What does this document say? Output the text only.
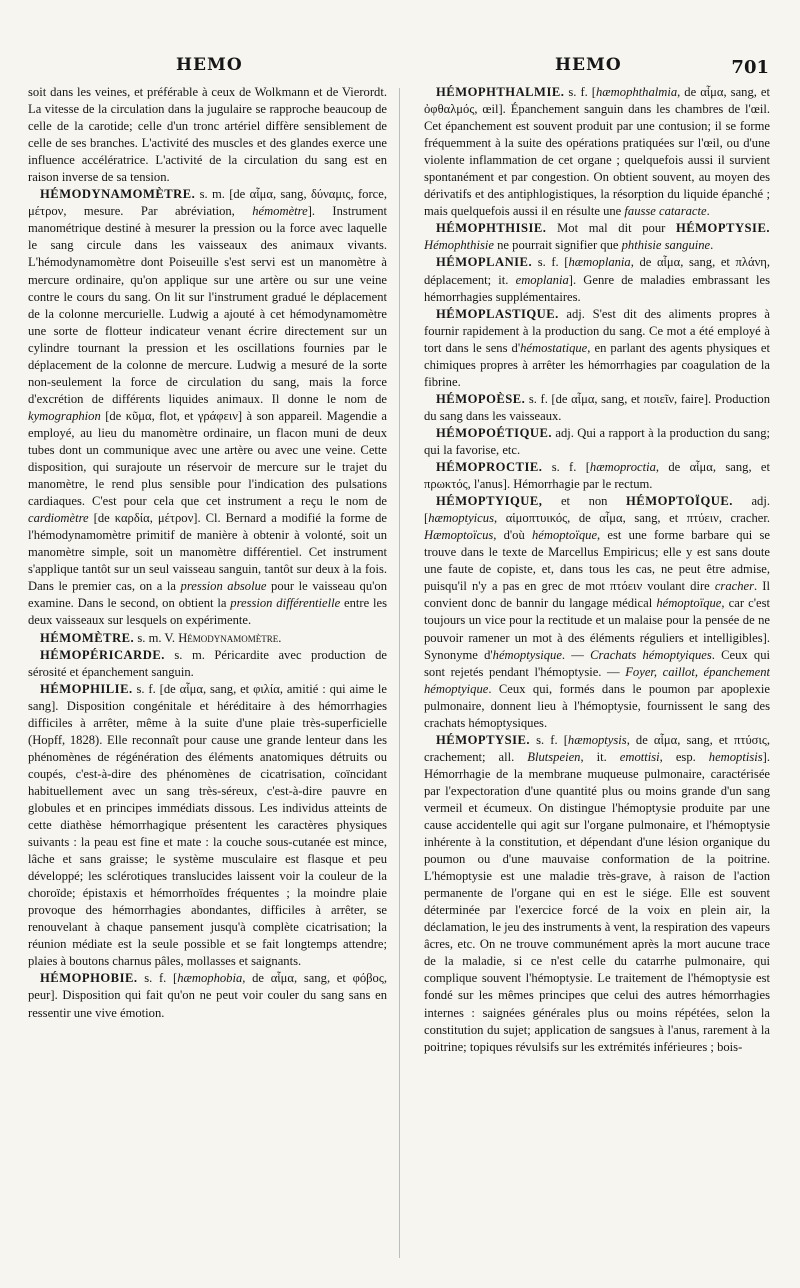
HEMO	HEMO	701

soit dans les veines, et préférable à ceux de Wolkmann et de Vierordt. La vitesse de la circulation dans la jugulaire se rapproche beaucoup de celle de la carotide; celle d'un tronc artériel diffère sensiblement de celle de ses branches. L'activité des muscles et des glandes exerce une influence accélératrice. L'activité de la circulation du sang est en raison inverse de sa tension.

HÉMODYNAMOMÈTRE. s. m. [de αἷμα, sang, δύναμις, force, μέτρον, mesure. Par abréviation, hémomètre]. Instrument manométrique destiné à mesurer la pression ou la force avec laquelle le sang circule dans les vaisseaux des animaux vivants. L'hémodynamomètre dont Poiseuille s'est servi est un manomètre à mercure ordinaire, qu'on applique sur une artère ou sur une veine contre le cours du sang. On lit sur l'instrument gradué le déplacement de la colonne mercurielle. Ludwig a ajouté à cet hémodynamomètre une sorte de flotteur indicateur venant écrire directement sur un cylindre tournant la pression et les oscillations fournies par le déplacement de la colonne de mercure. Ludwig a mesuré de la sorte non-seulement la force de circulation du sang, mais la force d'excrétion de différents liquides animaux. Il donne le nom de kymographion [de κῦμα, flot, et γράφειν] à son appareil. Magendie a employé, au lieu du manomètre ordinaire, un flacon muni de deux tubes dont un communique avec une artère ou avec une veine. Cette disposition, qui surajoute un réservoir de mercure sur le trajet du manomètre, le rend plus sensible pour l'indication des pulsations cardiaques. C'est pour cela que cet instrument a reçu le nom de cardiomètre [de καρδία, μέτρον]. Cl. Bernard a modifié la forme de l'hémodynamomètre primitif de manière à obtenir à volonté, soit un manomètre simple, soit un manomètre différentiel. Cet instrument s'applique tantôt sur un seul vaisseau sanguin, tantôt sur deux à la fois. Dans le premier cas, on a la pression absolue pour le vaisseau qu'on examine. Dans le second, on obtient la pression différentielle entre les deux vaisseaux sur lesquels on expérimente.

HÉMOMÈTRE. s. m. V. Hémodynamomètre.

HÉMOPÉRICARDE. s. m. Péricardite avec production de sérosité et épanchement sanguin.

HÉMOPHILIE. s. f. [de αἷμα, sang, et φιλία, amitié : qui aime le sang]. Disposition congénitale et héréditaire à des hémorrhagies difficiles à arrêter, même à la suite d'une plaie très-superficielle (Hopff, 1828). Elle reconnaît pour cause une grande lenteur dans les phénomènes de régénération des éléments anatomiques détruits ou coupés, c'est-à-dire des phénomènes de cicatrisation, coïncidant habituellement avec un sang très-séreux, c'est-à-dire pauvre en globules et en principes immédiats dissous. Les individus atteints de cette diathèse hémorrhagique présentent les caractères physiques suivants : la peau est fine et mate : la couche sous-cutanée est mince, lâche et sans graisse; le système musculaire est flasque et peu développé; les sclérotiques translucides laissent voir la couleur de la choroïde; épistaxis et hémorrhoïdes fréquentes ; la moindre plaie provoque des hémorrhagies abondantes, difficiles à arrêter, se renouvelant à chaque pansement jusqu'à complète cicatrisation; la réunion médiate est la seule possible et se fait longtemps attendre; plaies à boutons charnus pâles, mollasses et saignants.

HÉMOPHOBIE. s. f. [hæmophobia, de αἷμα, sang, et φόβος, peur]. Disposition qui fait qu'on ne peut voir couler du sang sans en ressentir une vive émotion.

HÉMOPHTHALMIE. s. f. [hæmophthalmia, de αἷμα, sang, et ὀφθαλμός, œil]. Épanchement sanguin dans les chambres de l'œil. Cet épanchement est souvent produit par une contusion; il se forme fréquemment à la suite des opérations pratiquées sur l'œil, ou d'une violente inflammation de cet organe ; quelquefois aussi il survient spontanément et par congestion. On obtient souvent, au moyen des dérivatifs et des antiphlogistiques, la résorption du liquide épanché ; mais quelquefois aussi il en résulte une fausse cataracte.

HÉMOPHTHISIE. Mot mal dit pour HÉMOPTYSIE. Hémophthisie ne pourrait signifier que phthisie sanguine.

HÉMOPLANIE. s. f. [hæmoplania, de αἷμα, sang, et πλάνη, déplacement; it. emoplania]. Genre de maladies embrassant les hémorrhagies supplémentaires.

HÉMOPLASTIQUE. adj. S'est dit des aliments propres à fournir rapidement à la production du sang. Ce mot a été employé à tort dans le sens d'hémostatique, en parlant des agents physiques et chimiques propres à arrêter les hémorrhagies par coagulation de la fibrine.

HÉMOPOÈSE. s. f. [de αἷμα, sang, et ποιεῖν, faire]. Production du sang dans les vaisseaux.

HÉMOPOÉTIQUE. adj. Qui a rapport à la production du sang; qui la favorise, etc.

HÉMOPROCTIE. s. f. [hæmoproctia, de αἷμα, sang, et πρωκτός, l'anus]. Hémorrhagie par le rectum.

HÉMOPTYIQUE, et non HÉMOPTOÏQUE. adj. [hæmoptyicus, αἱμοπτυικός, de αἷμα, sang, et πτύειν, cracher. Hæmoptoïcus, d'où hémoptoïque, est une forme barbare qui se trouve dans le texte de Marcellus Empiricus; elle y est sans doute une faute de copiste, et, dans tous les cas, ne peut être admise, puisqu'il n'y a pas en grec de mot πτόειν voulant dire cracher. Il convient donc de bannir du langage médical hémoptoïque, car c'est toujours un vice pour la rectitude et un malaise pour la pensée de ne pouvoir ramener un mot à des éléments réguliers et intelligibles]. Synonyme d'hémoptysique. — Crachats hémoptyiques. Ceux qui sont rejetés pendant l'hémoptysie. — Foyer, caillot, épanchement hémoptyique. Ceux qui, formés dans le poumon par apoplexie pulmonaire, donnent lieu à l'hémoptysie, fournissent le sang des crachats hémoptysiques.

HÉMOPTYSIE. s. f. [hæmoptysis, de αἷμα, sang, et πτύσις, crachement; all. Blutspeien, it. emottisi, esp. hemoptisis]. Hémorrhagie de la membrane muqueuse pulmonaire, caractérisée par l'expectoration d'une quantité plus ou moins grande d'un sang vermeil et écumeux. On distingue l'hémoptysie produite par une cause accidentelle qui agit sur l'organe pulmonaire, et l'hémoptysie inhérente à la constitution, et dépendant d'une lésion organique du poumon ou d'une mauvaise conformation de la poitrine. L'hémoptysie est une maladie très-grave, à raison de l'action permanente de l'organe qui en est le siége. Elle est souvent déterminée par l'exercice forcé de la voix en plein air, la déclamation, le jeu des instruments à vent, la respiration des vapeurs âcres, etc. On ne trouve communément après la mort aucune trace de la maladie, si ce n'est celle du catarrhe pulmonaire, qui complique souvent l'hémoptysie. Le traitement de l'hémoptysie est fondé sur les mêmes principes que celui des autres hémorrhagies internes : saignées générales plus ou moins répétées, selon la constitution du sujet; application de sangsues à l'anus, rarement à la poitrine; topiques révulsifs sur les extrémités inférieures ; bois-
